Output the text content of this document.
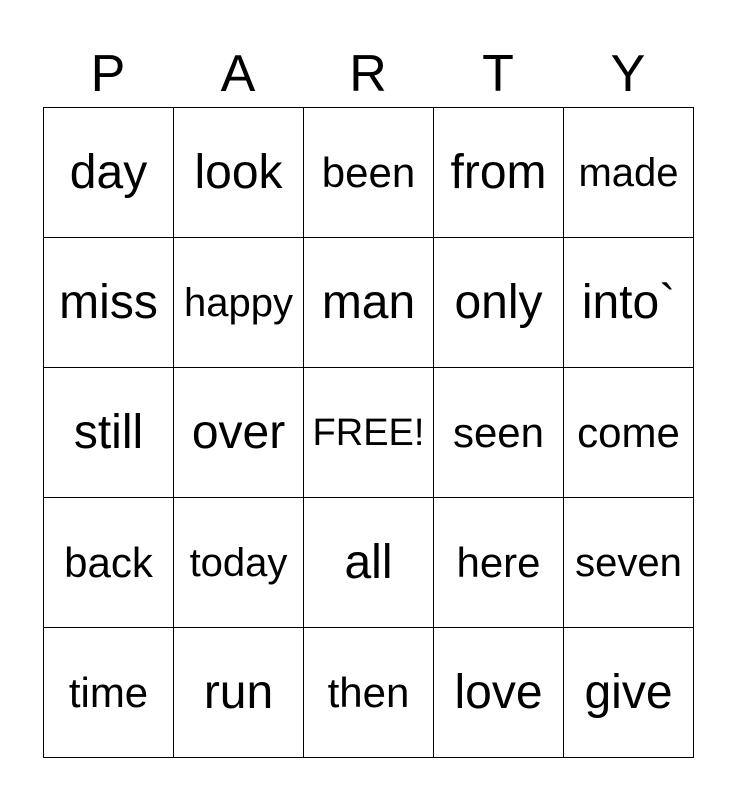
P	A	R	T	Y
day look been from made
miss happy man only into`
still	over FREE! seen come
back today	all	here seven
time	run	then love give
